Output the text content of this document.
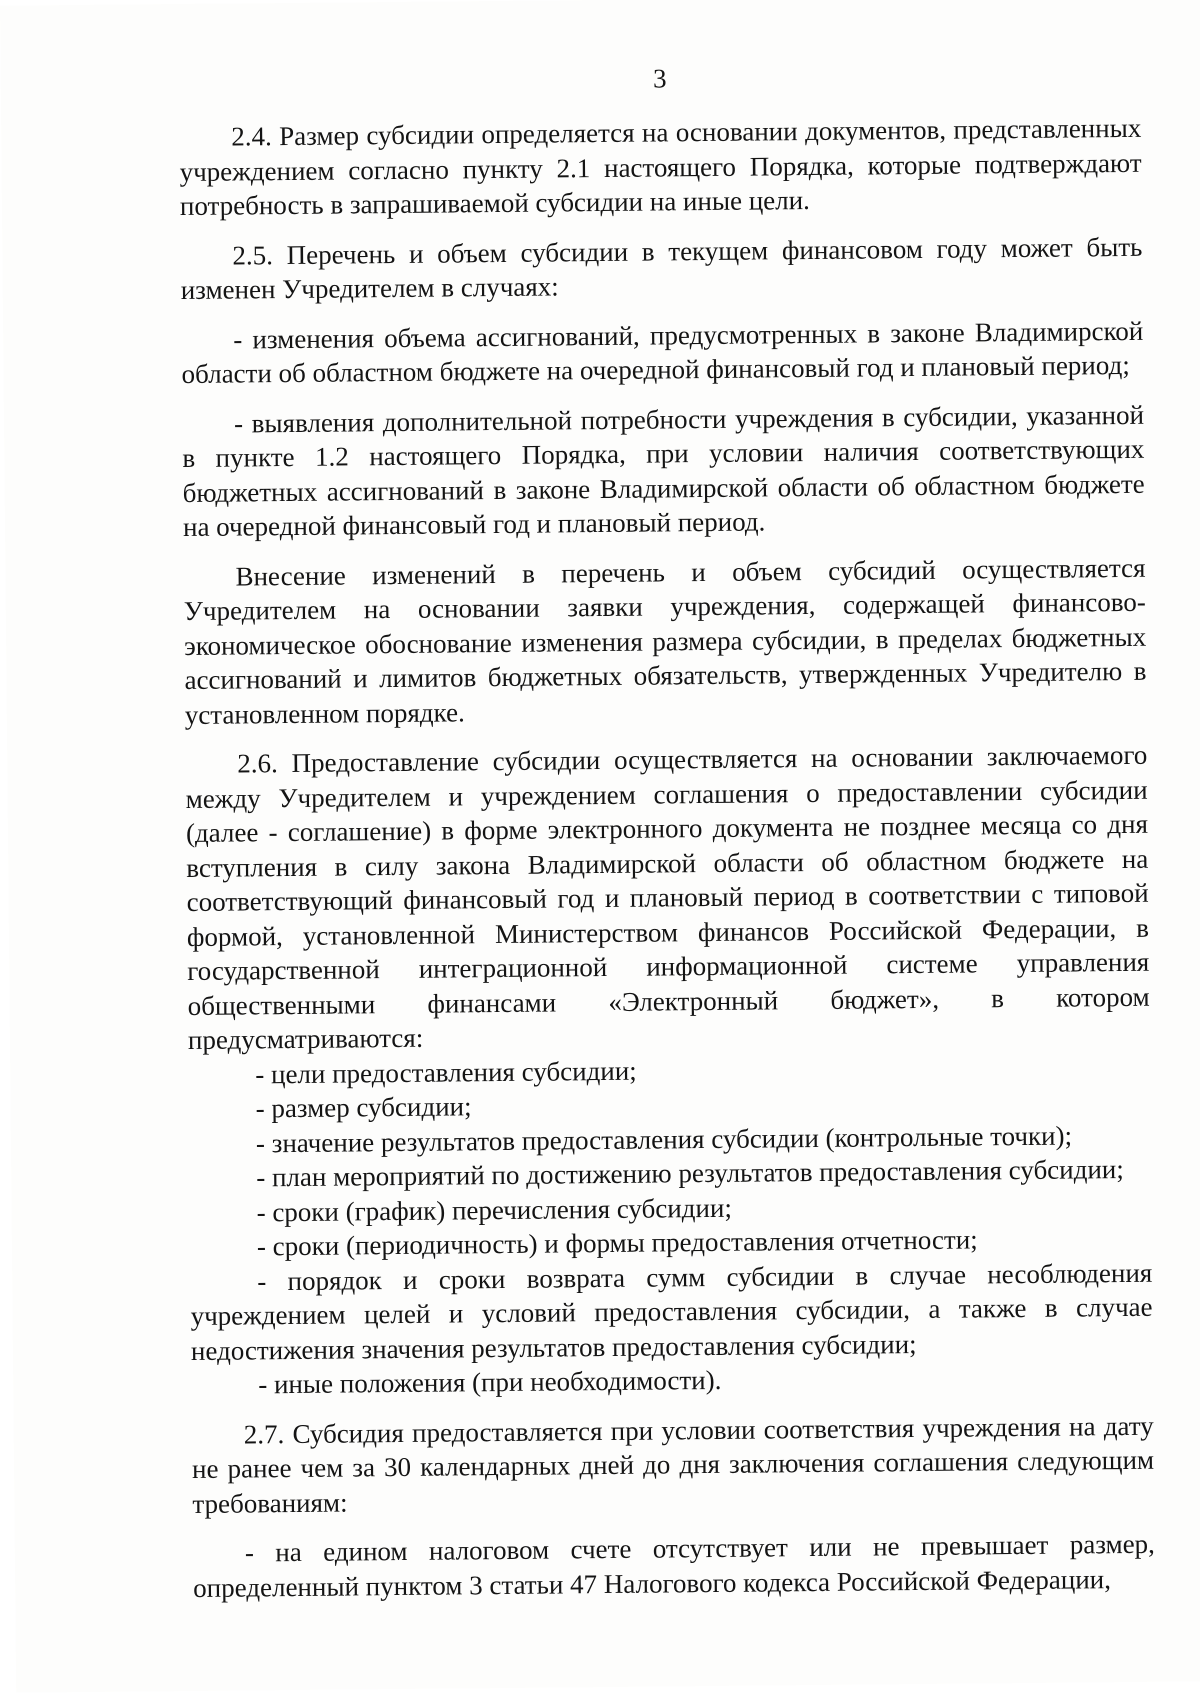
3

2.4. Размер субсидии определяется на основании документов, представленных учреждением согласно пункту 2.1 настоящего Порядка, которые подтверждают потребность в запрашиваемой субсидии на иные цели.

2.5. Перечень и объем субсидии в текущем финансовом году может быть изменен Учредителем в случаях:

- изменения объема ассигнований, предусмотренных в законе Владимирской области об областном бюджете на очередной финансовый год и плановый период;

- выявления дополнительной потребности учреждения в субсидии, указанной в пункте 1.2 настоящего Порядка, при условии наличия соответствующих бюджетных ассигнований в законе Владимирской области об областном бюджете на очередной финансовый год и плановый период.

Внесение изменений в перечень и объем субсидий осуществляется Учредителем на основании заявки учреждения, содержащей финансово-экономическое обоснование изменения размера субсидии, в пределах бюджетных ассигнований и лимитов бюджетных обязательств, утвержденных Учредителю в установленном порядке.

2.6. Предоставление субсидии осуществляется на основании заключаемого между Учредителем и учреждением соглашения о предоставлении субсидии (далее - соглашение) в форме электронного документа не позднее месяца со дня вступления в силу закона Владимирской области об областном бюджете на соответствующий финансовый год и плановый период в соответствии с типовой формой, установленной Министерством финансов Российской Федерации, в государственной интеграционной информационной системе управления общественными финансами «Электронный бюджет», в котором предусматриваются:

- цели предоставления субсидии;

- размер субсидии;

- значение результатов предоставления субсидии (контрольные точки);

- план мероприятий по достижению результатов предоставления субсидии;

- сроки (график) перечисления субсидии;

- сроки (периодичность) и формы предоставления отчетности;

- порядок и сроки возврата сумм субсидии в случае несоблюдения учреждением целей и условий предоставления субсидии, а также в случае недостижения значения результатов предоставления субсидии;

- иные положения (при необходимости).

2.7. Субсидия предоставляется при условии соответствия учреждения на дату не ранее чем за 30 календарных дней до дня заключения соглашения следующим требованиям:

- на едином налоговом счете отсутствует или не превышает размер, определенный пунктом 3 статьи 47 Налогового кодекса Российской Федерации,
